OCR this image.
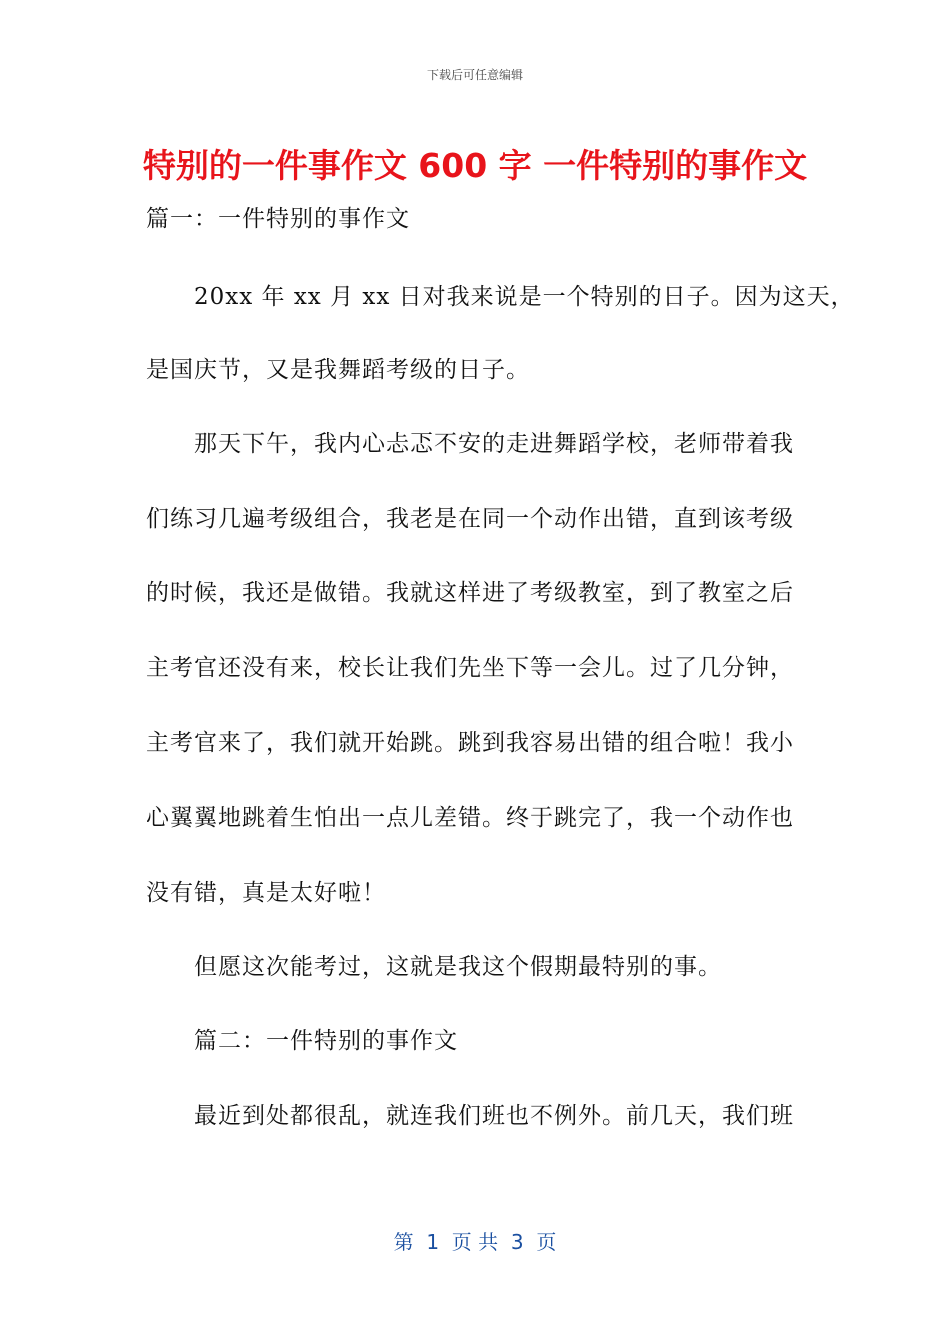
下载后可任意编辑
特别的一件事作文 600 字 一件特别的事作文
篇一：一件特别的事作文
20xx 年 xx 月 xx 日对我来说是一个特别的日子。因为这天，
是国庆节，又是我舞蹈考级的日子。
那天下午，我内心忐忑不安的走进舞蹈学校，老师带着我
们练习几遍考级组合，我老是在同一个动作出错，直到该考级
的时候，我还是做错。我就这样进了考级教室，到了教室之后
主考官还没有来，校长让我们先坐下等一会儿。过了几分钟，
主考官来了，我们就开始跳。跳到我容易出错的组合啦！我小
心翼翼地跳着生怕出一点儿差错。终于跳完了，我一个动作也
没有错，真是太好啦！
但愿这次能考过，这就是我这个假期最特别的事。
篇二：一件特别的事作文
最近到处都很乱，就连我们班也不例外。前几天，我们班
第  1  页 共  3  页
